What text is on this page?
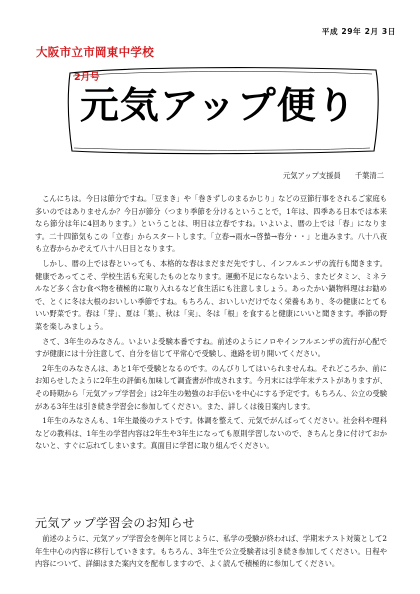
平成 29年 2月 3日
大阪市立市岡東中学校
2月号
元気アップ便り
元気アップ支援員 千葉清二

こんにちは。今日は節分ですね。「豆まき」や「巻きずしのまるかじり」などの豆節行事をされるご家庭も多いのではありませんか？今日が節分（つまり季節を分けるということで，1年は、四季ある日本では本来なら節分は年に4回あります。）ということは、明日は立春ですね。いよいよ、暦の上では「春」になります。二十四節気もこの「立春」からスタートします。「立春→雨水→啓蟄→春分・・」と進みます。八十八夜も立春からかぞえて八十八日目となります。

しかし、暦の上では春といっても、本格的な春はまだまだ先ですし、インフルエンザの流行も聞きます。健康であってこそ、学校生活も充実したものとなります。運動不足にならないよう、またビタミン、ミネラルなど多く含む食べ物を積極的に取り入れるなど食生活にも注意しましょう。あったかい鍋物料理はお勧めで、とくに冬は大根のおいしい季節ですね。もちろん、おいしいだけでなく栄養もあり、冬の健康にとてもいい野菜です。春は「芽」、夏は「葉」、秋は「実」、冬は「根」を食すると健康にいいと聞きます。季節の野菜を楽しみましょう。

さて、3年生のみなさん。いよいよ受験本番ですね。前述のようにノロやインフルエンザの流行が心配ですが健康には十分注意して、自分を信じて平常心で受験し、進路を切り開いてください。

2年生のみなさんは、あと1年で受験となるのです。のんびりしてはいられませんね。それどころか、前にお知らせしたように2年生の評価も加味して調査書が作成されます。今月末には学年末テストがありますが、その時期から「元気アップ学習会」は2年生の勉強のお手伝いを中心にする予定です。もちろん、公立の受験がある3年生は引き続き学習会に参加してください。また、詳しくは後日案内します。

1年生のみなさんも、1年生最後のテストです。体調を整えて、元気でがんばってください。社会科や理科などの教科は、1年生の学習内容は2年生や3年生になっても原則学習しないので、きちんと身に付けておかないと、すぐに忘れてしまいます。真面目に学習に取り組んでください。

元気アップ学習会のお知らせ

前述のように、元気アップ学習会を例年と同じように、私学の受験が終われば、学期末テスト対策として2年生中心の内容に移行していきます。もちろん、3年生で公立受験者は引き続き参加してください。日程や内容について、詳細はまた案内文を配布しますので、よく読んで積極的に参加してください。
